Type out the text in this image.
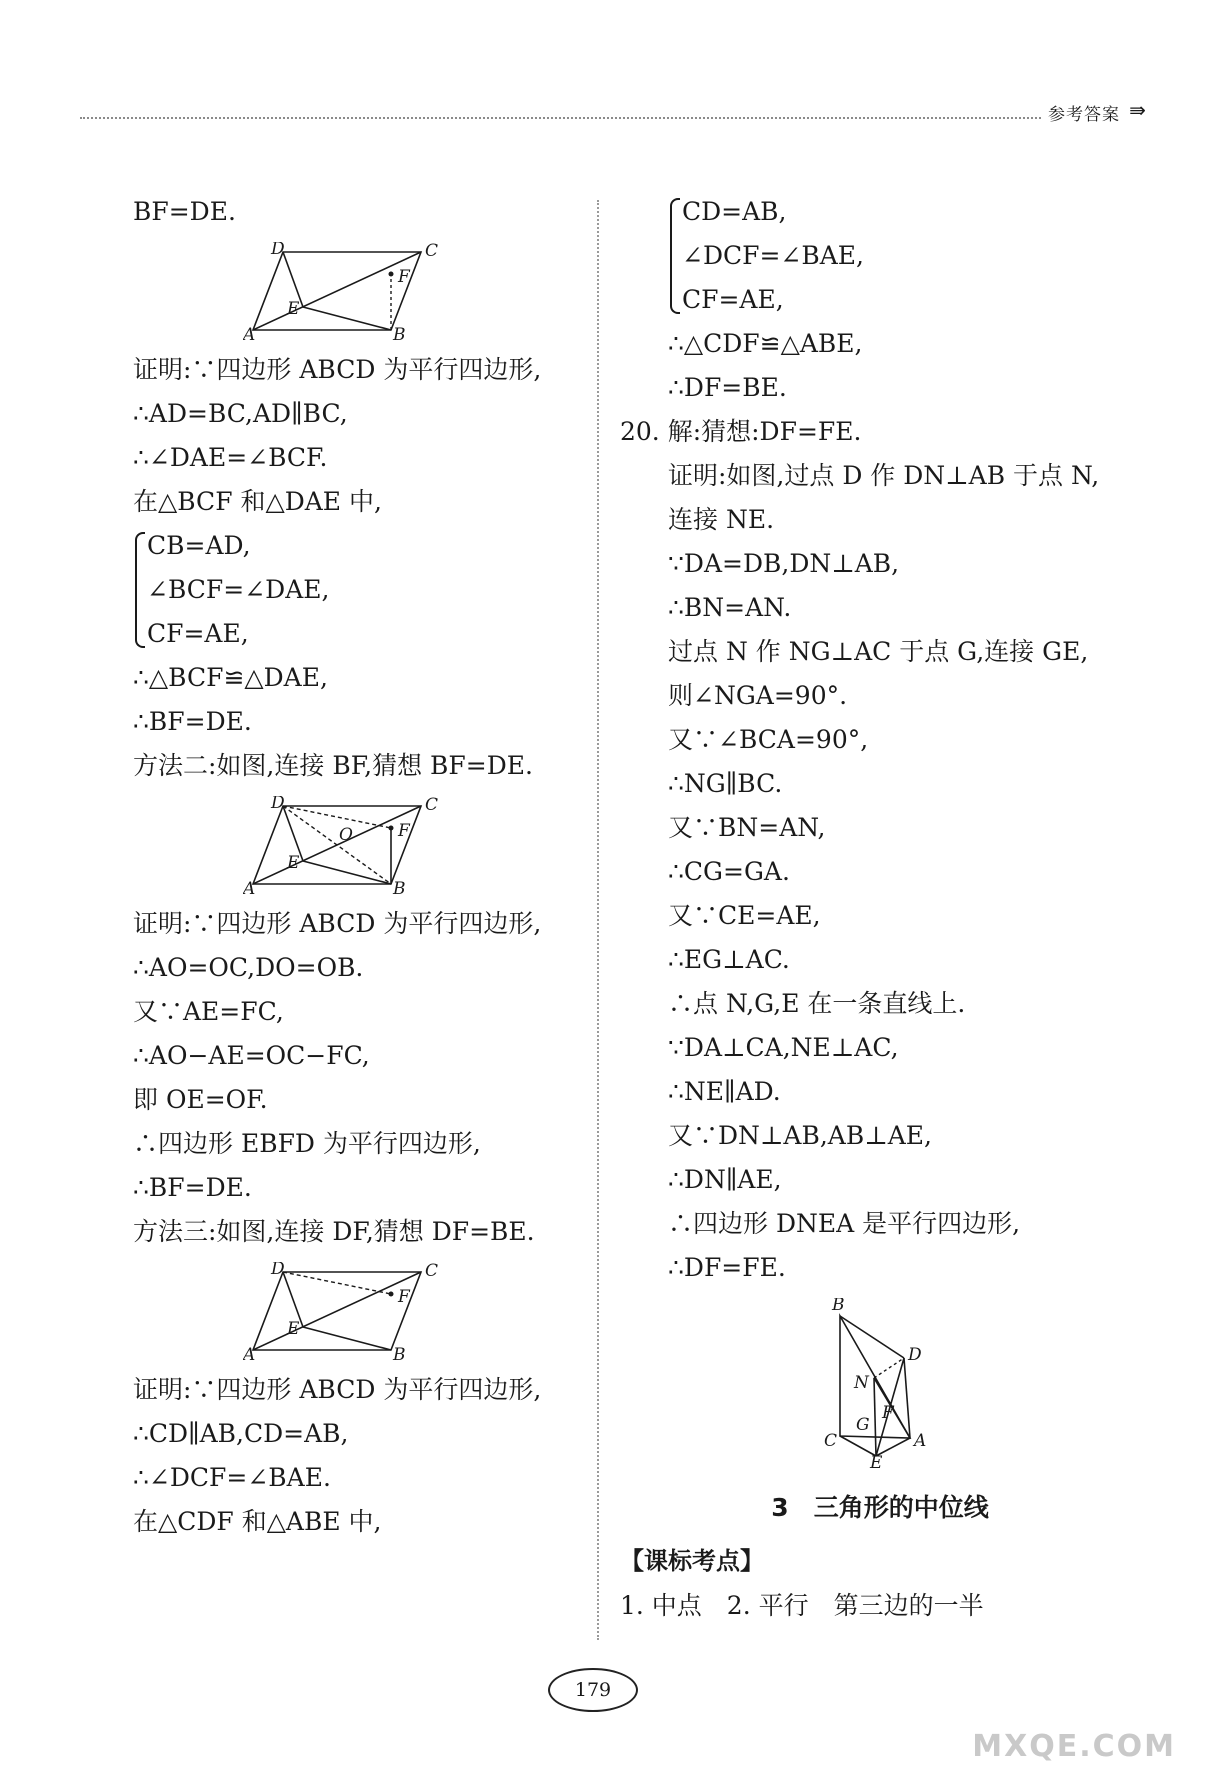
参考答案 ⇛
BF=DE.
A	B
C
D
E
F
证明:∵四边形 ABCD 为平行四边形,
∴AD=BC,AD∥BC,
∴∠DAE=∠BCF.
在△BCF 和△DAE 中,
CB=AD,
∠BCF=∠DAE,
CF=AE,
∴△BCF≌△DAE,
∴BF=DE.
方法二:如图,连接 BF,猜想 BF=DE.
A	B
C
D
E
F
O
证明:∵四边形 ABCD 为平行四边形,
∴AO=OC,DO=OB.
又∵AE=FC,
∴AO−AE=OC−FC,
即 OE=OF.
∴四边形 EBFD 为平行四边形,
∴BF=DE.
方法三:如图,连接 DF,猜想 DF=BE.
A	B
C
D
E
F
证明:∵四边形 ABCD 为平行四边形,
∴CD∥AB,CD=AB,
∴∠DCF=∠BAE.
在△CDF 和△ABE 中,
CD=AB,
∠DCF=∠BAE,
CF=AE,
∴△CDF≌△ABE,
∴DF=BE.
20. 解:猜想:DF=FE.
证明:如图,过点 D 作 DN⊥AB 于点 N,
连接 NE.
∵DA=DB,DN⊥AB,
∴BN=AN.
过点 N 作 NG⊥AC 于点 G,连接 GE,
则∠NGA=90°.
又∵∠BCA=90°,
∴NG∥BC.
又∵BN=AN,
∴CG=GA.
又∵CE=AE,
∴EG⊥AC.
∴点 N,G,E 在一条直线上.
∵DA⊥CA,NE⊥AC,
∴NE∥AD.
又∵DN⊥AB,AB⊥AE,
∴DN∥AE,
∴四边形 DNEA 是平行四边形,
∴DF=FE.
B
D
N
F
G
C	A
E
3　三角形的中位线
【课标考点】
1. 中点　2. 平行　第三边的一半
179
MXQE.COM
